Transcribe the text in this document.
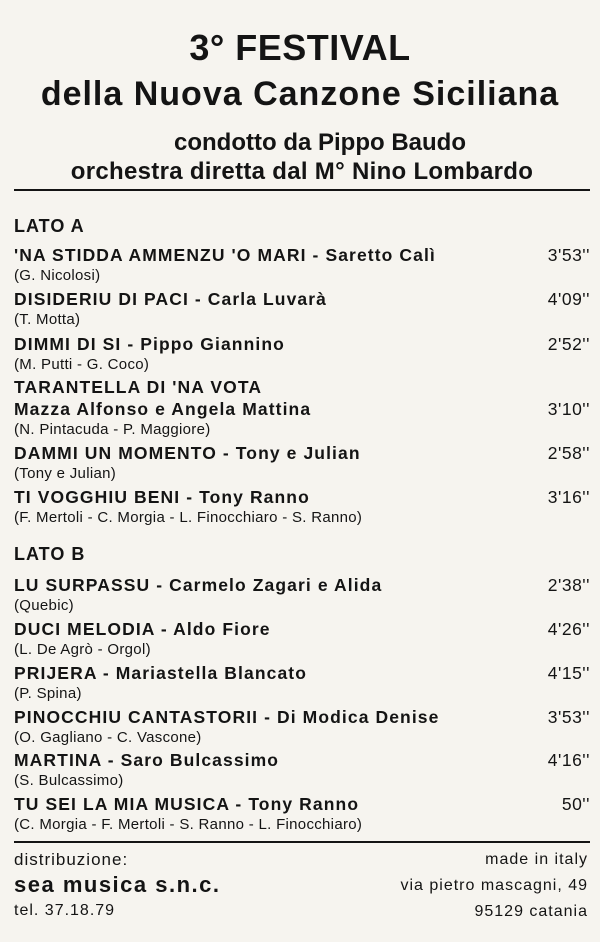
3° FESTIVAL
della Nuova Canzone Siciliana
condotto da Pippo Baudo
orchestra diretta dal M° Nino Lombardo
LATO A
'NA STIDDA AMMENZU 'O MARI - Saretto Calì	3'53''
(G. Nicolosi)
DISIDERIU DI PACI - Carla Luvarà	4'09''
(T. Motta)
DIMMI DI SI - Pippo Giannino	2'52''
(M. Putti - G. Coco)
TARANTELLA DI 'NA VOTA
Mazza Alfonso e Angela Mattina	3'10''
(N. Pintacuda - P. Maggiore)
DAMMI UN MOMENTO - Tony e Julian	2'58''
(Tony e Julian)
TI VOGGHIU BENI - Tony Ranno	3'16''
(F. Mertoli - C. Morgia - L. Finocchiaro - S. Ranno)
LATO B
LU SURPASSU - Carmelo Zagari e Alida	2'38''
(Quebic)
DUCI MELODIA - Aldo Fiore	4'26''
(L. De Agrò - Orgol)
PRIJERA - Mariastella Blancato	4'15''
(P. Spina)
PINOCCHIU CANTASTORII - Di Modica Denise	3'53''
(O. Gagliano - C. Vascone)
MARTINA - Saro Bulcassimo	4'16''
(S. Bulcassimo)
TU SEI LA MIA MUSICA - Tony Ranno	50''
(C. Morgia - F. Mertoli - S. Ranno - L. Finocchiaro)
distribuzione:
sea musica s.n.c.
tel. 37.18.79
made in italy
via pietro mascagni, 49
95129 catania
